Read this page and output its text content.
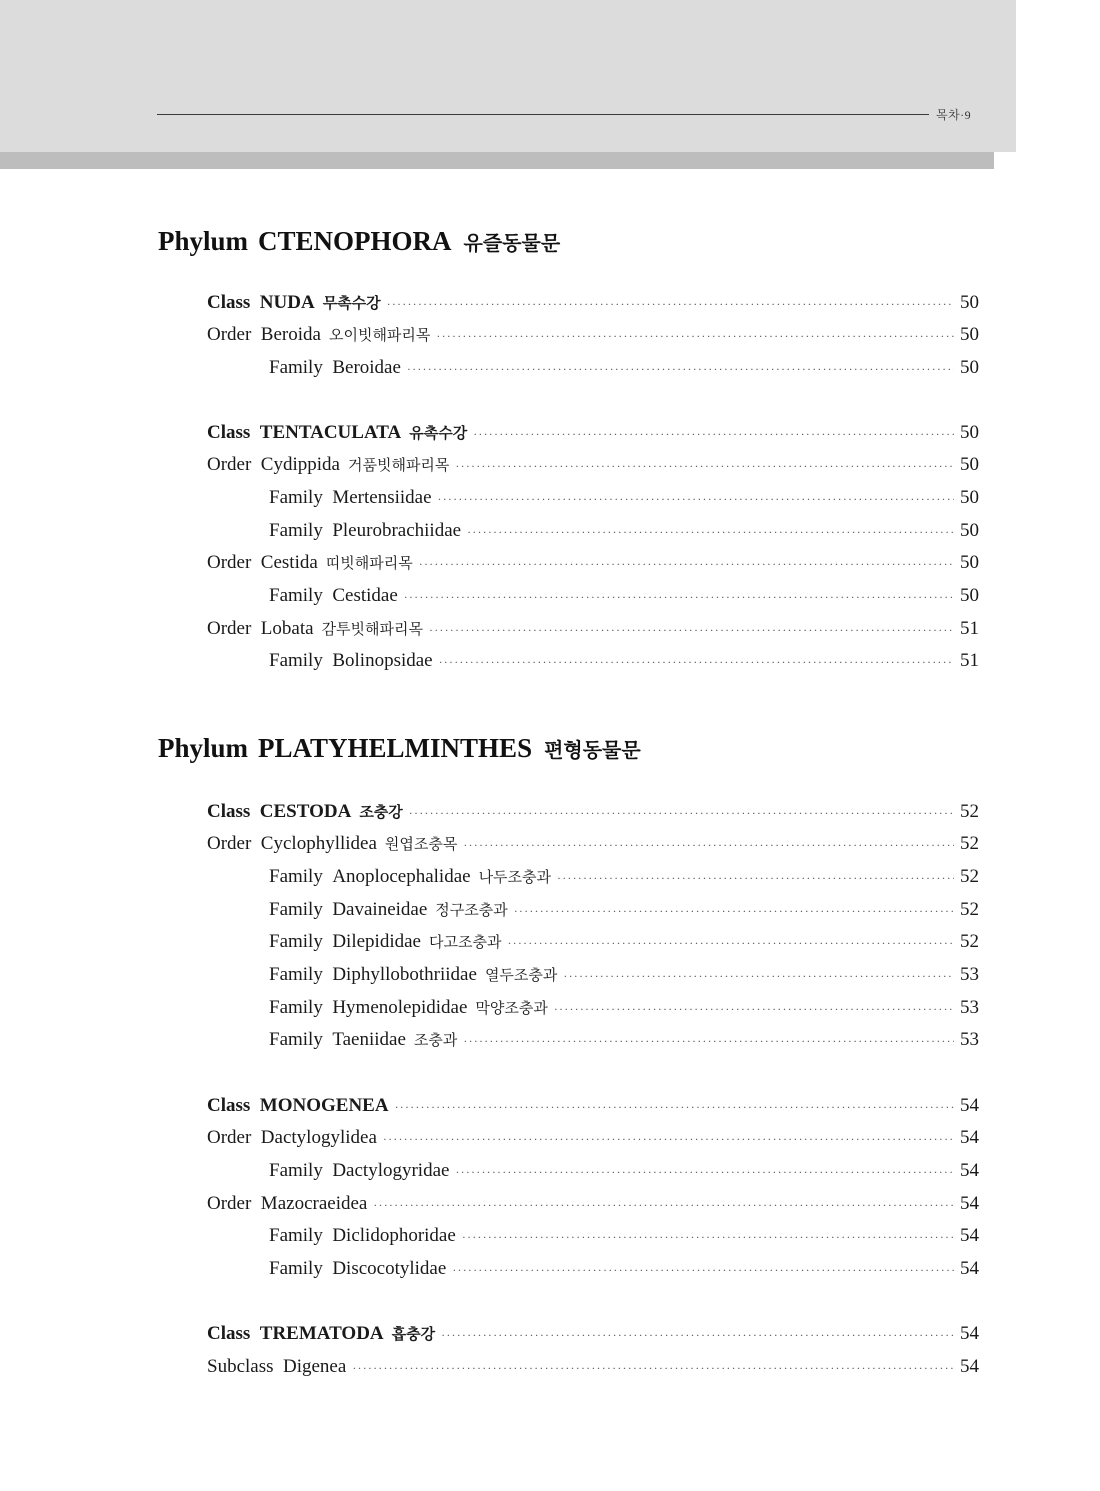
목차·9
Phylum CTENOPHORA 유즐동물문
Class  NUDA 무촉수강 ·····	50
Order  Beroida 오이빗해파리목 ·····	50
Family  Beroidae ·····	50
Class  TENTACULATA 유촉수강 ·····	50
Order  Cydippida 거품빗해파리목 ·····	50
Family  Mertensiidae ·····	50
Family  Pleurobrachiidae ·····	50
Order  Cestida 띠빗해파리목 ·····	50
Family  Cestidae ·····	50
Order  Lobata 감투빗해파리목 ·····	51
Family  Bolinopsidae ·····	51
Phylum PLATYHELMINTHES 편형동물문
Class  CESTODA 조충강 ·····	52
Order  Cyclophyllidea 원엽조충목 ·····	52
Family  Anoplocephalidae 나두조충과 ·····	52
Family  Davaineidae 정구조충과 ·····	52
Family  Dilepididae 다고조충과 ·····	52
Family  Diphyllobothriidae 열두조충과 ·····	53
Family  Hymenolepididae 막양조충과 ·····	53
Family  Taeniidae 조충과 ·····	53
Class  MONOGENEA ·····	54
Order  Dactylogylidea ·····	54
Family  Dactylogyridae ·····	54
Order  Mazocraeidea ·····	54
Family  Diclidophoridae ·····	54
Family  Discocotylidae ·····	54
Class  TREMATODA 흡충강 ·····	54
Subclass  Digenea ·····	54
